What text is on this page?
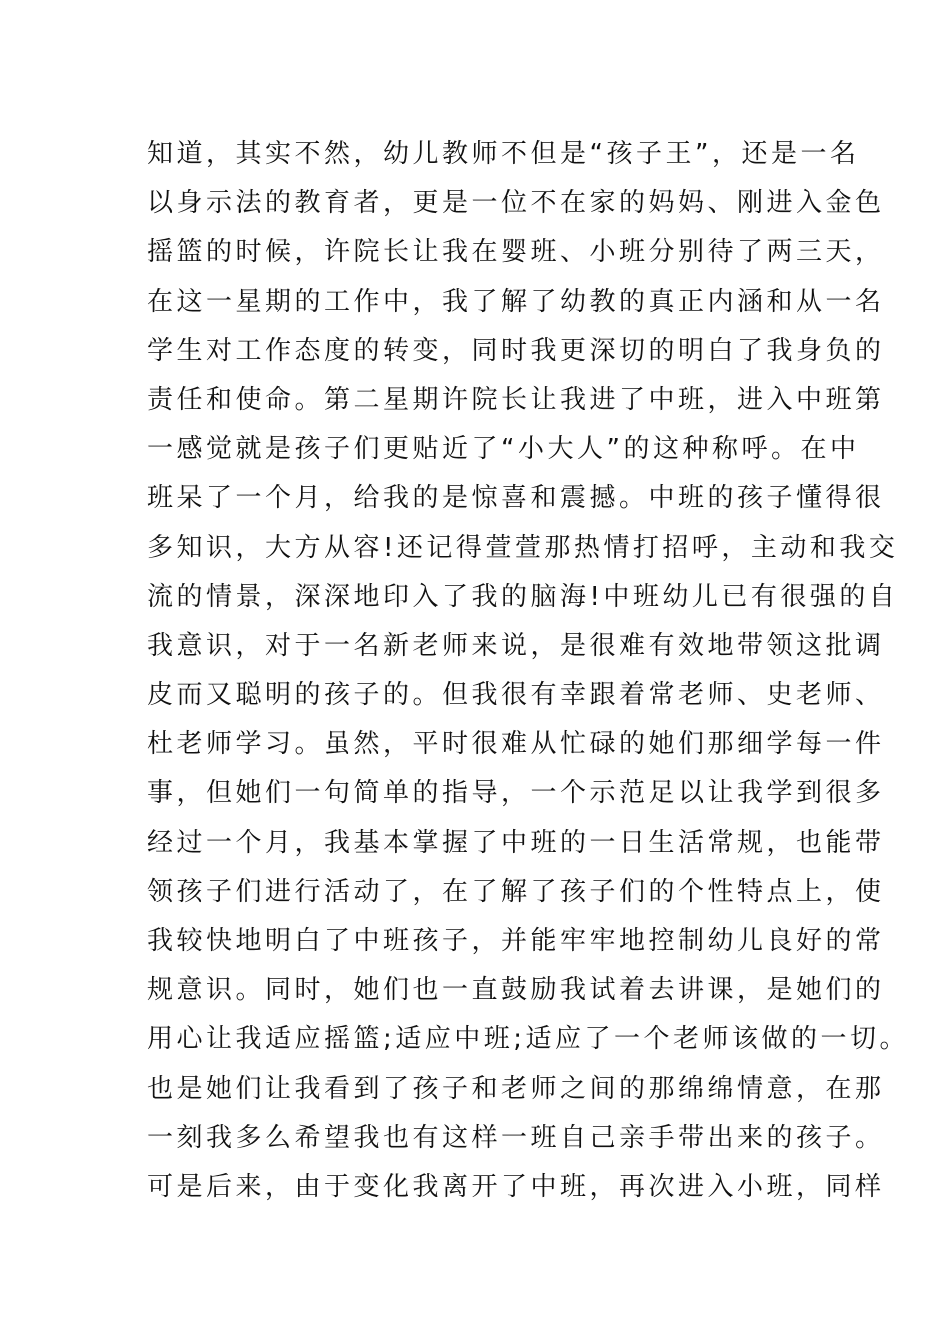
知道，其实不然，幼儿教师不但是“孩子王”，还是一名
以身示法的教育者，更是一位不在家的妈妈、刚进入金色
摇篮的时候，许院长让我在婴班、小班分别待了两三天，
在这一星期的工作中，我了解了幼教的真正内涵和从一名
学生对工作态度的转变，同时我更深切的明白了我身负的
责任和使命。第二星期许院长让我进了中班，进入中班第
一感觉就是孩子们更贴近了“小大人”的这种称呼。在中
班呆了一个月，给我的是惊喜和震撼。中班的孩子懂得很
多知识，大方从容!还记得萱萱那热情打招呼，主动和我交
流的情景，深深地印入了我的脑海!中班幼儿已有很强的自
我意识，对于一名新老师来说，是很难有效地带领这批调
皮而又聪明的孩子的。但我很有幸跟着常老师、史老师、
杜老师学习。虽然，平时很难从忙碌的她们那细学每一件
事，但她们一句简单的指导，一个示范足以让我学到很多
经过一个月，我基本掌握了中班的一日生活常规，也能带
领孩子们进行活动了，在了解了孩子们的个性特点上，使
我较快地明白了中班孩子，并能牢牢地控制幼儿良好的常
规意识。同时，她们也一直鼓励我试着去讲课，是她们的
用心让我适应摇篮;适应中班;适应了一个老师该做的一切。
也是她们让我看到了孩子和老师之间的那绵绵情意，在那
一刻我多么希望我也有这样一班自己亲手带出来的孩子。
可是后来，由于变化我离开了中班，再次进入小班，同样
